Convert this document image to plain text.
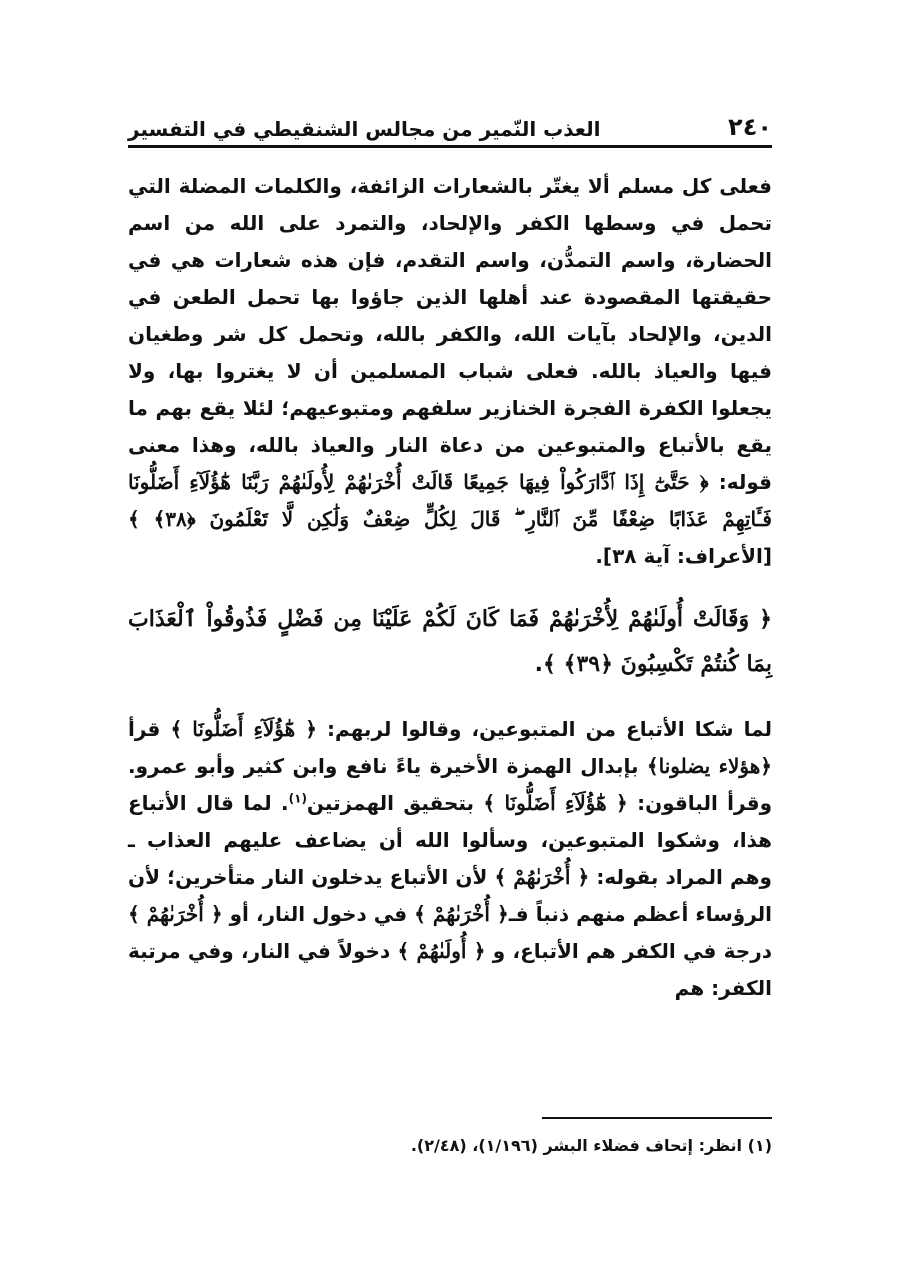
٢٤٠
العذب النّمير من مجالس الشنقيطي في التفسير

فعلى كل مسلم ألا يغتّر بالشعارات الزائفة، والكلمات المضلة التي تحمل في وسطها الكفر والإلحاد، والتمرد على الله من اسم الحضارة، واسم التمدُّن، واسم التقدم، فإن هذه شعارات هي في حقيقتها المقصودة عند أهلها الذين جاؤوا بها تحمل الطعن في الدين، والإلحاد بآيات الله، والكفر بالله، وتحمل كل شر وطغيان فيها والعياذ بالله. فعلى شباب المسلمين أن لا يغتروا بها، ولا يجعلوا الكفرة الفجرة الخنازير سلفهم ومتبوعيهم؛ لئلا يقع بهم ما يقع بالأتباع والمتبوعين من دعاة النار والعياذ بالله، وهذا معنى قوله: ﴿ حَتَّىٰٓ إِذَا ٱدَّارَكُواْ فِيهَا جَمِيعًا قَالَتْ أُخْرَىٰهُمْ لِأُولَىٰهُمْ رَبَّنَا هَٰٓؤُلَآءِ أَضَلُّونَا فَـَٔاتِهِمْ عَذَابًا ضِعْفًا مِّنَ ٱلنَّارِ ۖ قَالَ لِكُلٍّ ضِعْفٌ وَلَٰكِن لَّا تَعْلَمُونَ ﴿٣٨﴾ ﴾ [الأعراف: آية ٣٨].

﴿ وَقَالَتْ أُولَىٰهُمْ لِأُخْرَىٰهُمْ فَمَا كَانَ لَكُمْ عَلَيْنَا مِن فَضْلٍ فَذُوقُواْ ٱلْعَذَابَ بِمَا كُنتُمْ تَكْسِبُونَ ﴿٣٩﴾ ﴾.

لما شكا الأتباع من المتبوعين، وقالوا لربهم: ﴿ هَٰٓؤُلَآءِ أَضَلُّونَا ﴾ قرأ ﴿هؤلاء يضلونا﴾ بإبدال الهمزة الأخيرة ياءً نافع وابن كثير وأبو عمرو. وقرأ الباقون: ﴿ هَٰٓؤُلَآءِ أَضَلُّونَا ﴾ بتحقيق الهمزتين$^{(١)}$. لما قال الأتباع هذا، وشكوا المتبوعين، وسألوا الله أن يضاعف عليهم العذاب ـ وهم المراد بقوله: ﴿ أُخْرَىٰهُمْ ﴾ لأن الأتباع يدخلون النار متأخرين؛ لأن الرؤساء أعظم منهم ذنباً فـ﴿ أُخْرَىٰهُمْ ﴾ في دخول النار، أو ﴿ أُخْرَىٰهُمْ ﴾ درجة في الكفر هم الأتباع، و ﴿ أُولَىٰهُمْ ﴾ دخولاً في النار، وفي مرتبة الكفر: هم

(١) انظر: إتحاف فضلاء البشر (١/١٩٦)، (٢/٤٨).
